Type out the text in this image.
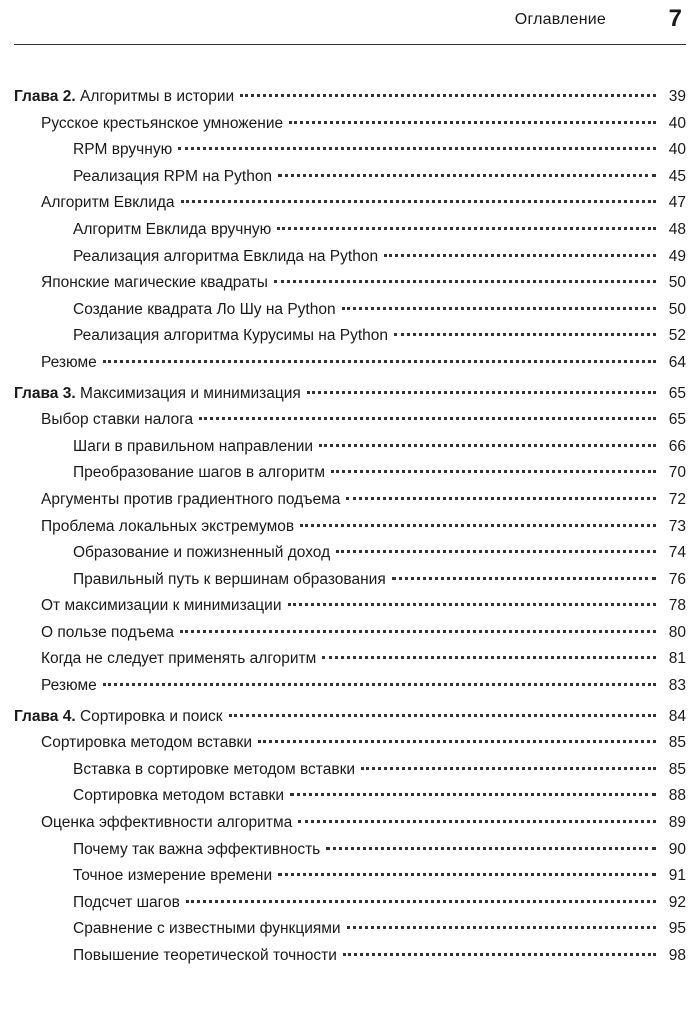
Оглавление	7
Глава 2. Алгоритмы в истории	39
Русское крестьянское умножение	40
RPM вручную	40
Реализация RPM на Python	45
Алгоритм Евклида	47
Алгоритм Евклида вручную	48
Реализация алгоритма Евклида на Python	49
Японские магические квадраты	50
Создание квадрата Ло Шу на Python	50
Реализация алгоритма Курусимы на Python	52
Резюме	64
Глава 3. Максимизация и минимизация	65
Выбор ставки налога	65
Шаги в правильном направлении	66
Преобразование шагов в алгоритм	70
Аргументы против градиентного подъема	72
Проблема локальных экстремумов	73
Образование и пожизненный доход	74
Правильный путь к вершинам образования	76
От максимизации к минимизации	78
О пользе подъема	80
Когда не следует применять алгоритм	81
Резюме	83
Глава 4. Сортировка и поиск	84
Сортировка методом вставки	85
Вставка в сортировке методом вставки	85
Сортировка методом вставки	88
Оценка эффективности алгоритма	89
Почему так важна эффективность	90
Точное измерение времени	91
Подсчет шагов	92
Сравнение с известными функциями	95
Повышение теоретической точности	98
